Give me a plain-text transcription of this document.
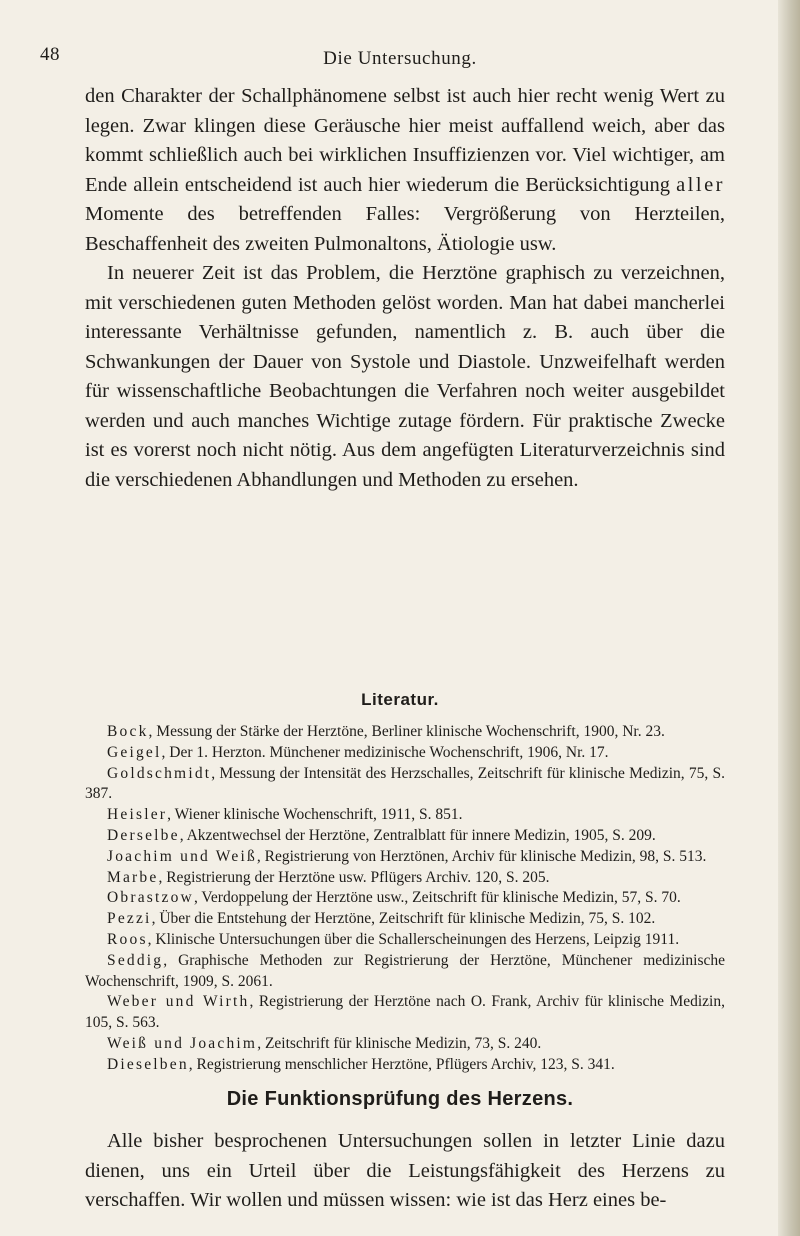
48	Die Untersuchung.

den Charakter der Schallphänomene selbst ist auch hier recht wenig Wert zu legen. Zwar klingen diese Geräusche hier meist auffallend weich, aber das kommt schließlich auch bei wirklichen Insuffizienzen vor. Viel wichtiger, am Ende allein entscheidend ist auch hier wiederum die Berücksichtigung aller Momente des betreffenden Falles: Vergrößerung von Herzteilen, Beschaffenheit des zweiten Pulmonaltons, Ätiologie usw.

In neuerer Zeit ist das Problem, die Herztöne graphisch zu verzeichnen, mit verschiedenen guten Methoden gelöst worden. Man hat dabei mancherlei interessante Verhältnisse gefunden, namentlich z. B. auch über die Schwankungen der Dauer von Systole und Diastole. Unzweifelhaft werden für wissenschaftliche Beobachtungen die Verfahren noch weiter ausgebildet werden und auch manches Wichtige zutage fördern. Für praktische Zwecke ist es vorerst noch nicht nötig. Aus dem angefügten Literaturverzeichnis sind die verschiedenen Abhandlungen und Methoden zu ersehen.

Literatur.

Bock, Messung der Stärke der Herztöne, Berliner klinische Wochenschrift, 1900, Nr. 23.

Geigel, Der 1. Herzton. Münchener medizinische Wochenschrift, 1906, Nr. 17.

Goldschmidt, Messung der Intensität des Herzschalles, Zeitschrift für klinische Medizin, 75, S. 387.

Heisler, Wiener klinische Wochenschrift, 1911, S. 851.

Derselbe, Akzentwechsel der Herztöne, Zentralblatt für innere Medizin, 1905, S. 209.

Joachim und Weiß, Registrierung von Herztönen, Archiv für klinische Medizin, 98, S. 513.

Marbe, Registrierung der Herztöne usw. Pflügers Archiv. 120, S. 205.

Obrastzow, Verdoppelung der Herztöne usw., Zeitschrift für klinische Medizin, 57, S. 70.

Pezzi, Über die Entstehung der Herztöne, Zeitschrift für klinische Medizin, 75, S. 102.

Roos, Klinische Untersuchungen über die Schallerscheinungen des Herzens, Leipzig 1911.

Seddig, Graphische Methoden zur Registrierung der Herztöne, Münchener medizinische Wochenschrift, 1909, S. 2061.

Weber und Wirth, Registrierung der Herztöne nach O. Frank, Archiv für klinische Medizin, 105, S. 563.

Weiß und Joachim, Zeitschrift für klinische Medizin, 73, S. 240.

Dieselben, Registrierung menschlicher Herztöne, Pflügers Archiv, 123, S. 341.

Die Funktionsprüfung des Herzens.

Alle bisher besprochenen Untersuchungen sollen in letzter Linie dazu dienen, uns ein Urteil über die Leistungsfähigkeit des Herzens zu verschaffen. Wir wollen und müssen wissen: wie ist das Herz eines be-
